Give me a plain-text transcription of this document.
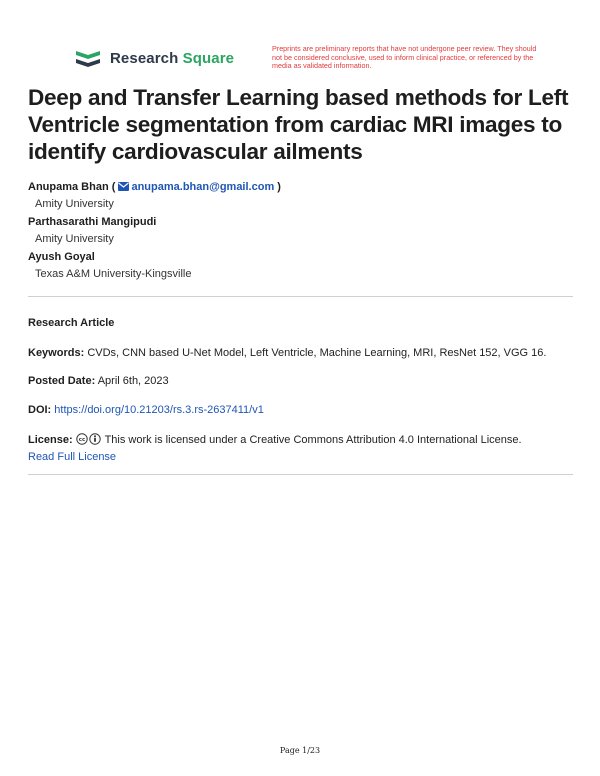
Research Square
Preprints are preliminary reports that have not undergone peer review. They should not be considered conclusive, used to inform clinical practice, or referenced by the media as validated information.
Deep and Transfer Learning based methods for Left Ventricle segmentation from cardiac MRI images to identify cardiovascular ailments
Anupama Bhan ( anupama.bhan@gmail.com )
Amity University
Parthasarathi Mangipudi
Amity University
Ayush Goyal
Texas A&M University-Kingsville
Research Article
Keywords: CVDs, CNN based U-Net Model, Left Ventricle, Machine Learning, MRI, ResNet 152, VGG 16.
Posted Date: April 6th, 2023
DOI: https://doi.org/10.21203/rs.3.rs-2637411/v1
License: cc This work is licensed under a Creative Commons Attribution 4.0 International License.
Read Full License
Page 1/23
